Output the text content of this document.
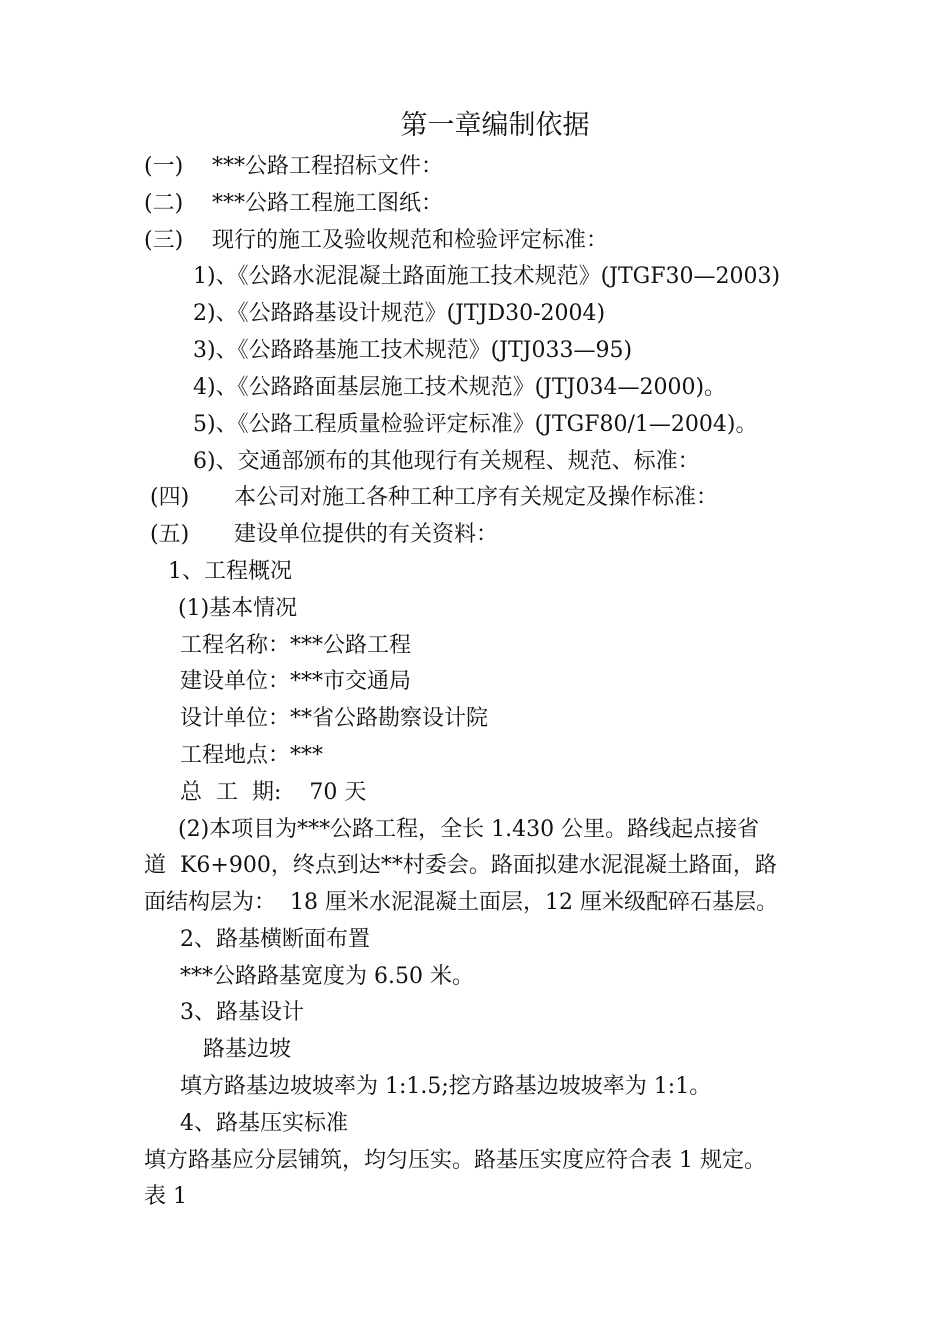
第一章编制依据
(一) ***公路工程招标文件：
(二) ***公路工程施工图纸：
(三) 现行的施工及验收规范和检验评定标准：
1)、《公路水泥混凝土路面施工技术规范》(JTGF30—2003)
2)、《公路路基设计规范》(JTJD30-2004)
3)、《公路路基施工技术规范》(JTJ033—95)
4)、《公路路面基层施工技术规范》(JTJ034—2000)。
5)、《公路工程质量检验评定标准》(JTGF80/1—2004)。
6)、交通部颁布的其他现行有关规程、规范、标准：
(四) 本公司对施工各种工种工序有关规定及操作标准：
(五) 建设单位提供的有关资料：
1、工程概况
(1)基本情况
工程名称：***公路工程
建设单位：***市交通局
设计单位：**省公路勘察设计院
工程地点：***
总  工  期:    70 天
(2)本项目为***公路工程，全长 1.430 公里。路线起点接省
道  K6+900，终点到达**村委会。路面拟建水泥混凝土路面，路
面结构层为：  18 厘米水泥混凝土面层，12 厘米级配碎石基层。
2、路基横断面布置
***公路路基宽度为 6.50 米。
3、路基设计
路基边坡
填方路基边坡坡率为 1:1.5;挖方路基边坡坡率为 1:1。
4、路基压实标准
填方路基应分层铺筑，均匀压实。路基压实度应符合表 1 规定。
表 1
